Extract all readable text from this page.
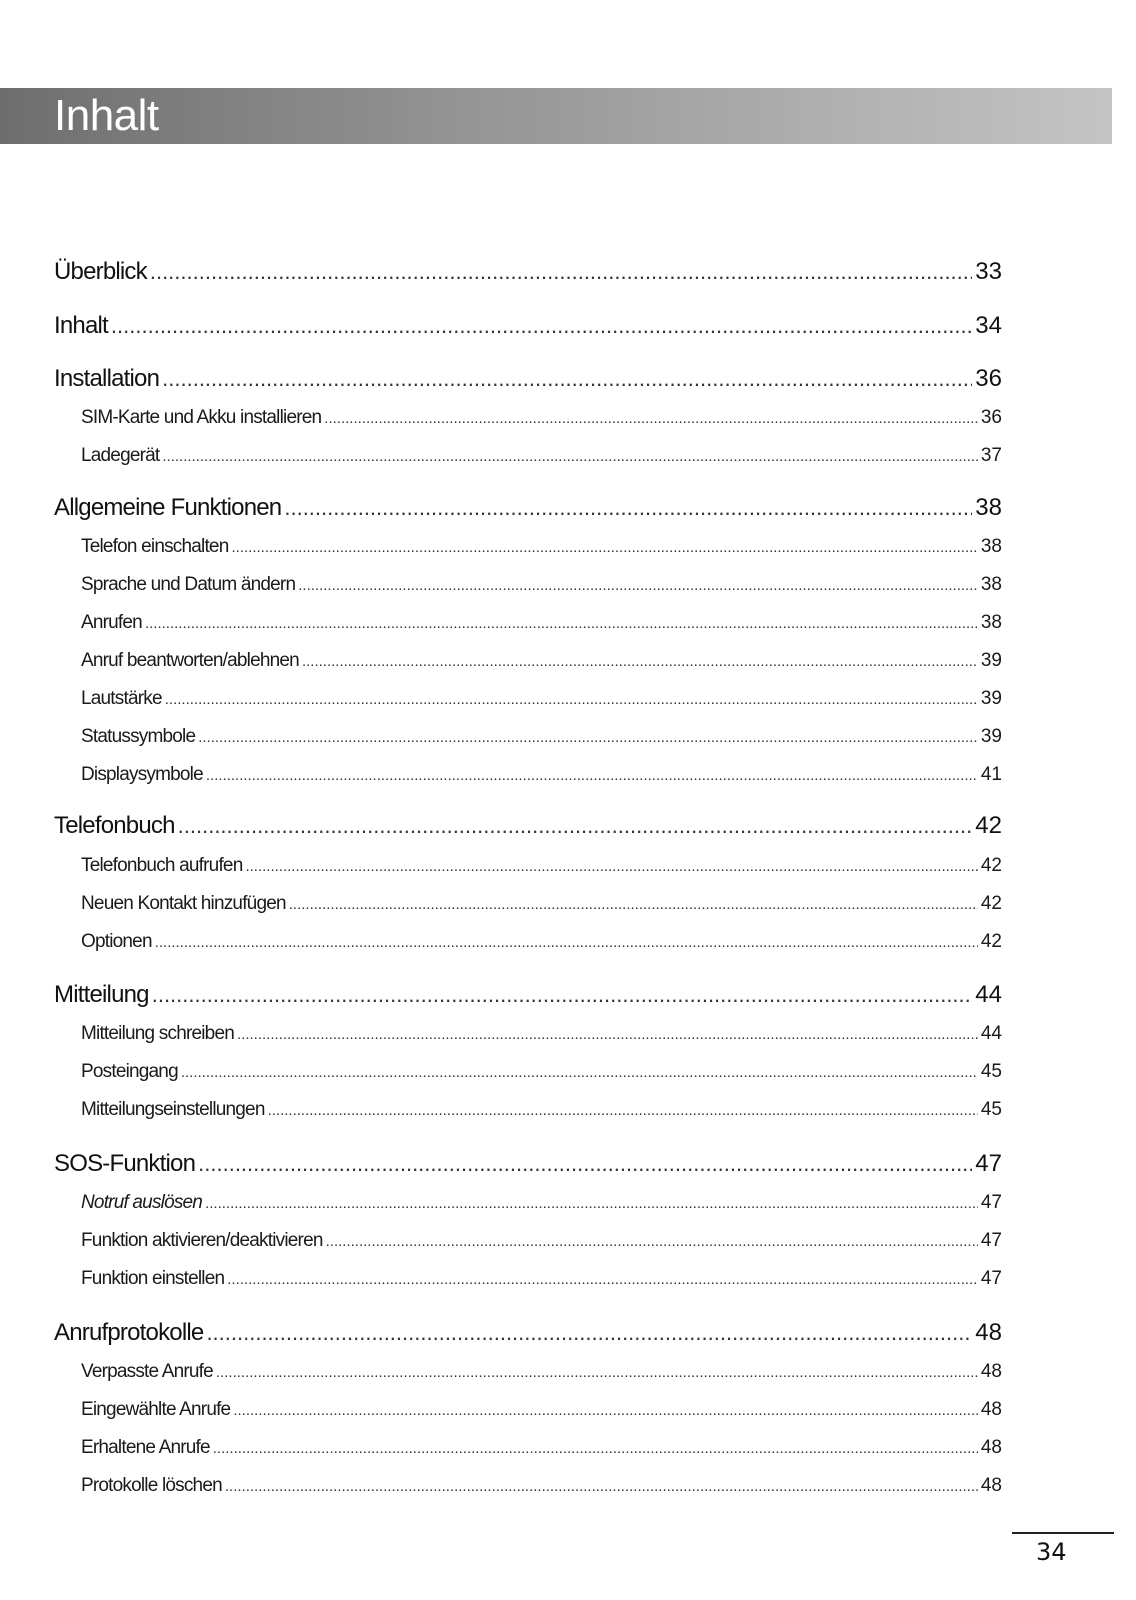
Inhalt
Überblick .....	33
Inhalt .....	34
Installation .....	36
SIM-Karte und Akku installieren .....	36
Ladegerät .....	37
Allgemeine Funktionen .....	38
Telefon einschalten .....	38
Sprache und Datum ändern .....	38
Anrufen .....	38
Anruf beantworten/ablehnen .....	39
Lautstärke .....	39
Statussymbole .....	39
Displaysymbole .....	41
Telefonbuch .....	42
Telefonbuch aufrufen .....	42
Neuen Kontakt hinzufügen .....	42
Optionen .....	42
Mitteilung .....	44
Mitteilung schreiben .....	44
Posteingang .....	45
Mitteilungseinstellungen .....	45
SOS-Funktion .....	47
Notruf auslösen .....	47
Funktion aktivieren/deaktivieren .....	47
Funktion einstellen .....	47
Anrufprotokolle .....	48
Verpasste Anrufe .....	48
Eingewählte Anrufe .....	48
Erhaltene Anrufe .....	48
Protokolle löschen .....	48
34
